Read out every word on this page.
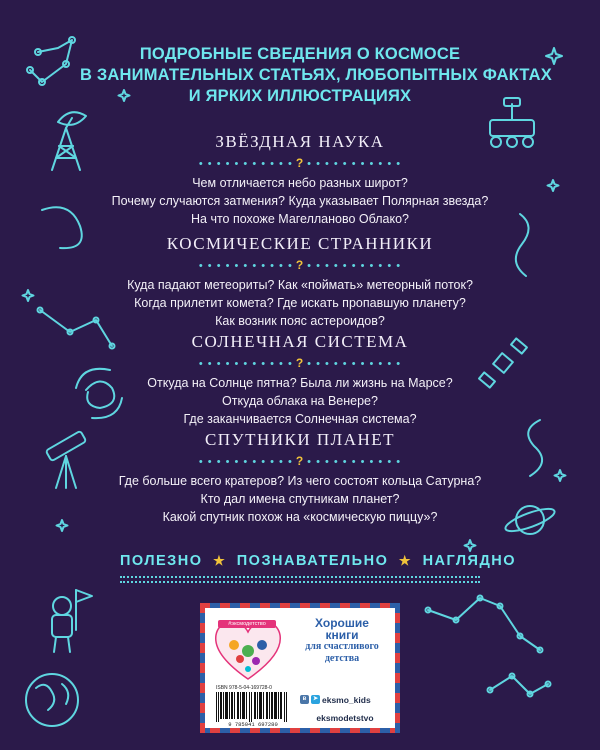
ПОДРОБНЫЕ СВЕДЕНИЯ О КОСМОСЕ
В ЗАНИМАТЕЛЬНЫХ СТАТЬЯХ, ЛЮБОПЫТНЫХ ФАКТАХ
И ЯРКИХ ИЛЛЮСТРАЦИЯХ
ЗВЁЗДНАЯ НАУКА
• • • • • • • • • • • ? • • • • • • • • • • •
Чем отличается небо разных широт?
Почему случаются затмения? Куда указывает Полярная звезда?
На что похоже Магелланово Облако?
КОСМИЧЕСКИЕ СТРАННИКИ
• • • • • • • • • • • ? • • • • • • • • • • •
Куда падают метеориты? Как «поймать» метеорный поток?
Когда прилетит комета? Где искать пропавшую планету?
Как возник пояс астероидов?
СОЛНЕЧНАЯ СИСТЕМА
• • • • • • • • • • • ? • • • • • • • • • • •
Откуда на Солнце пятна? Была ли жизнь на Марсе?
Откуда облака на Венере?
Где заканчивается Солнечная система?
СПУТНИКИ ПЛАНЕТ
• • • • • • • • • • • ? • • • • • • • • • • •
Где больше всего кратеров? Из чего состоят кольца Сатурна?
Кто дал имена спутникам планет?
Какой спутник похож на «космическую пиццу»?
ПОЛЕЗНО ★ ПОЗНАВАТЕЛЬНО ★ НАГЛЯДНО
#эксмодетство	Хорошие
книги
для счастливого
детства
ISBN 978-5-04-169728-0
9 785041 697280
в ➤ eksmo_kids
eksmodetstvo
